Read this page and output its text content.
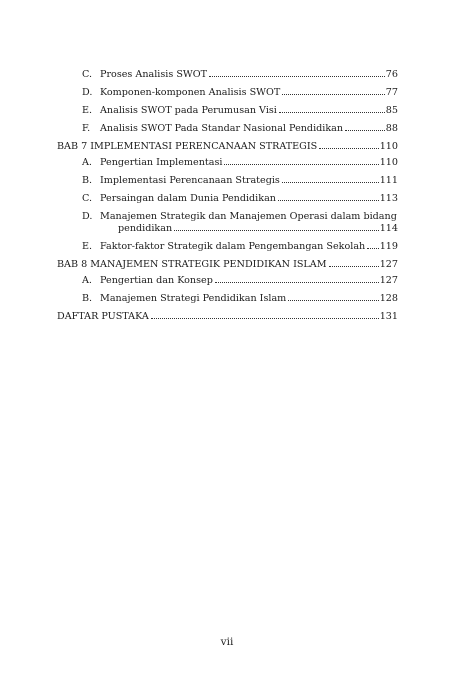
C. Proses Analisis SWOT	76
D. Komponen-komponen Analisis SWOT	77
E. Analisis SWOT pada Perumusan Visi	85
F.	Analisis SWOT Pada Standar Nasional Pendidikan	88
BAB 7 IMPLEMENTASI PERENCANAAN STRATEGIS	110
A. Pengertian Implementasi	110
B. Implementasi Perencanaan Strategis	111
C. Persaingan dalam Dunia Pendidikan	113
D. Manajemen Strategik dan Manajemen Operasi dalam bidang
pendidikan	114
E. Faktor-faktor Strategik dalam Pengembangan Sekolah 119
BAB 8 MANAJEMEN STRATEGIK PENDIDIKAN ISLAM	127
A. Pengertian dan Konsep	127
B. Manajemen Strategi Pendidikan Islam	128
DAFTAR PUSTAKA	131
vii
